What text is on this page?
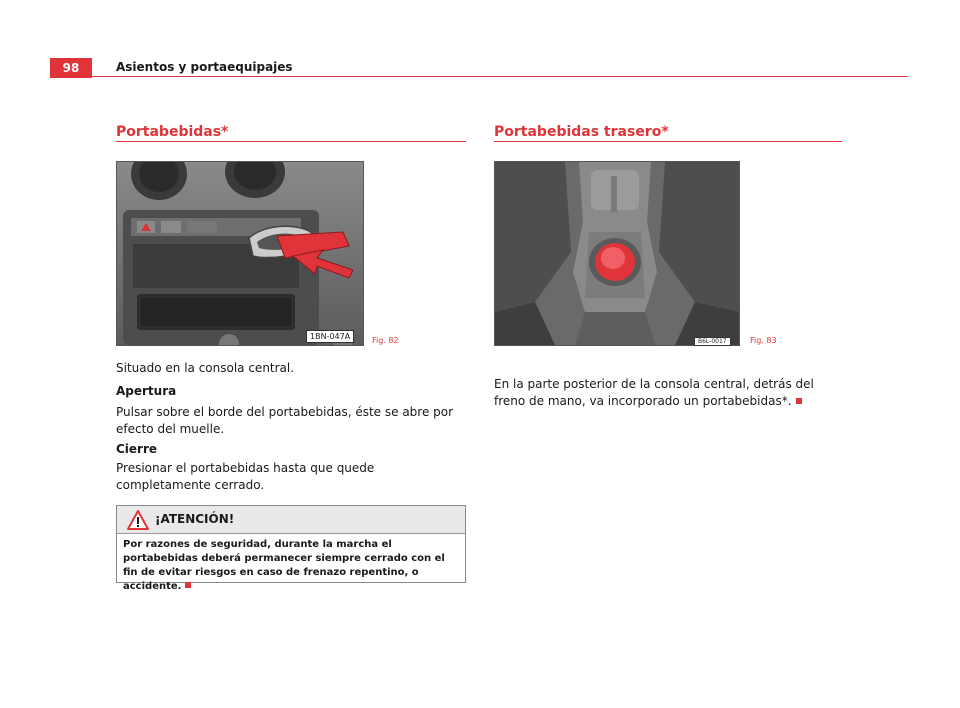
98	Asientos y portaequipajes
Portabebidas*
1BN-047A	Fig. 82
Situado en la consola central.
Apertura
Pulsar sobre el borde del portabebidas, éste se abre por efecto del muelle.
Cierre
Presionar el portabebidas hasta que quede completamente cerrado.
¡ATENCIÓN!
Por razones de seguridad, durante la marcha el portabebidas deberá permanecer siempre cerrado con el fin de evitar riesgos en caso de frenazo repentino, o accidente.
Portabebidas trasero*
B6L-0017	Fig. 83
En la parte posterior de la consola central, detrás del freno de mano, va incorporado un portabebidas*.
